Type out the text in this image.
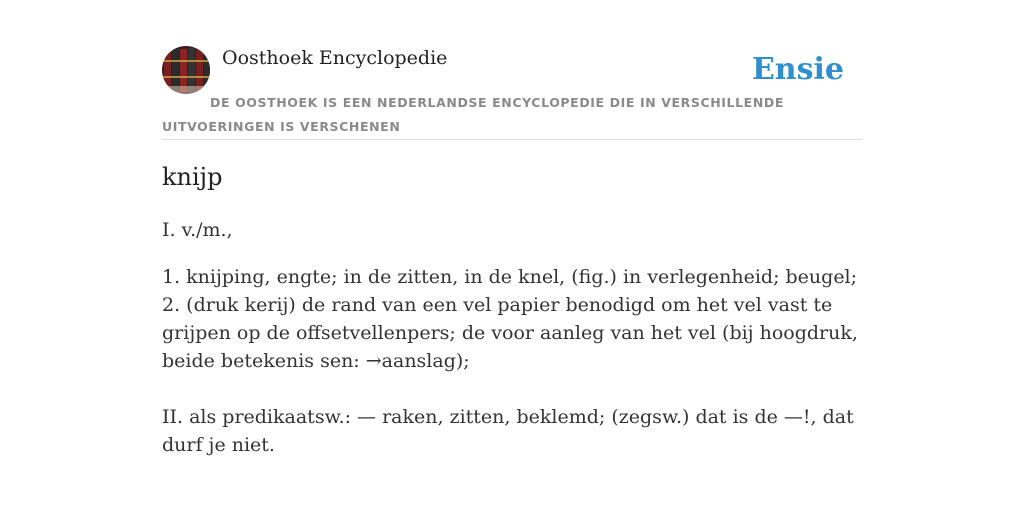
Oosthoek Encyclopedie	Ensie
DE OOSTHOEK IS EEN NEDERLANDSE ENCYCLOPEDIE DIE IN VERSCHILLENDE UITVOERINGEN IS VERSCHENEN
knijp

I. v./m.,

1. knijping, engte; in de zitten, in de knel, (fig.) in verlegenheid; beugel;

2. (druk kerij) de rand van een vel papier benodigd om het vel vast te grijpen op de offsetvellenpers; de voor aanleg van het vel (bij hoogdruk, beide betekenis sen: →aanslag);

II. als predikaatsw.: — raken, zitten, beklemd; (zegsw.) dat is de —!, dat durf je niet.
